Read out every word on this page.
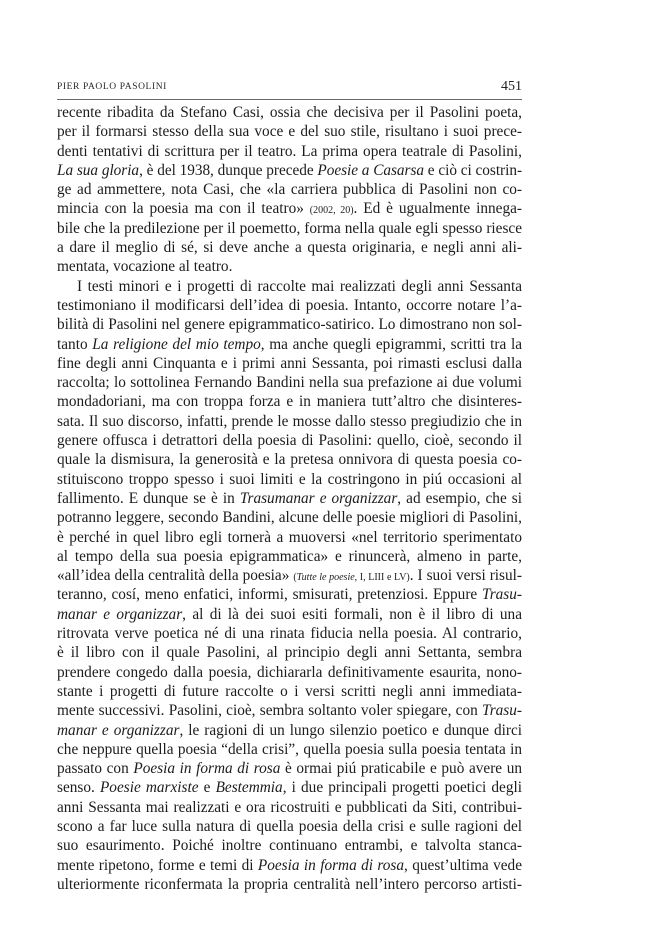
PIER PAOLO PASOLINI	451
recente ribadita da Stefano Casi, ossia che decisiva per il Pasolini poeta,
per il formarsi stesso della sua voce e del suo stile, risultano i suoi prece-
denti tentativi di scrittura per il teatro. La prima opera teatrale di Pasolini,
La sua gloria, è del 1938, dunque precede Poesie a Casarsa e ciò ci costrin-
ge ad ammettere, nota Casi, che «la carriera pubblica di Pasolini non co-
mincia con la poesia ma con il teatro» (2002, 20). Ed è ugualmente innega-
bile che la predilezione per il poemetto, forma nella quale egli spesso riesce
a dare il meglio di sé, si deve anche a questa originaria, e negli anni ali-
mentata, vocazione al teatro.
I testi minori e i progetti di raccolte mai realizzati degli anni Sessanta
testimoniano il modificarsi dell’idea di poesia. Intanto, occorre notare l’a-
bilità di Pasolini nel genere epigrammatico-satirico. Lo dimostrano non sol-
tanto La religione del mio tempo, ma anche quegli epigrammi, scritti tra la
fine degli anni Cinquanta e i primi anni Sessanta, poi rimasti esclusi dalla
raccolta; lo sottolinea Fernando Bandini nella sua prefazione ai due volumi
mondadoriani, ma con troppa forza e in maniera tutt’altro che disinteres-
sata. Il suo discorso, infatti, prende le mosse dallo stesso pregiudizio che in
genere offusca i detrattori della poesia di Pasolini: quello, cioè, secondo il
quale la dismisura, la generosità e la pretesa onnivora di questa poesia co-
stituiscono troppo spesso i suoi limiti e la costringono in piú occasioni al
fallimento. E dunque se è in Trasumanar e organizzar, ad esempio, che si
potranno leggere, secondo Bandini, alcune delle poesie migliori di Pasolini,
è perché in quel libro egli tornerà a muoversi «nel territorio sperimentato
al tempo della sua poesia epigrammatica» e rinuncerà, almeno in parte,
«all’idea della centralità della poesia» (Tutte le poesie, I, LIII e LV). I suoi versi risul-
teranno, cosí, meno enfatici, informi, smisurati, pretenziosi. Eppure Trasu-
manar e organizzar, al di là dei suoi esiti formali, non è il libro di una
ritrovata verve poetica né di una rinata fiducia nella poesia. Al contrario,
è il libro con il quale Pasolini, al principio degli anni Settanta, sembra
prendere congedo dalla poesia, dichiararla definitivamente esaurita, nono-
stante i progetti di future raccolte o i versi scritti negli anni immediata-
mente successivi. Pasolini, cioè, sembra soltanto voler spiegare, con Trasu-
manar e organizzar, le ragioni di un lungo silenzio poetico e dunque dirci
che neppure quella poesia “della crisi”, quella poesia sulla poesia tentata in
passato con Poesia in forma di rosa è ormai piú praticabile e può avere un
senso. Poesie marxiste e Bestemmia, i due principali progetti poetici degli
anni Sessanta mai realizzati e ora ricostruiti e pubblicati da Siti, contribui-
scono a far luce sulla natura di quella poesia della crisi e sulle ragioni del
suo esaurimento. Poiché inoltre continuano entrambi, e talvolta stanca-
mente ripetono, forme e temi di Poesia in forma di rosa, quest’ultima vede
ulteriormente riconfermata la propria centralità nell’intero percorso artisti-
